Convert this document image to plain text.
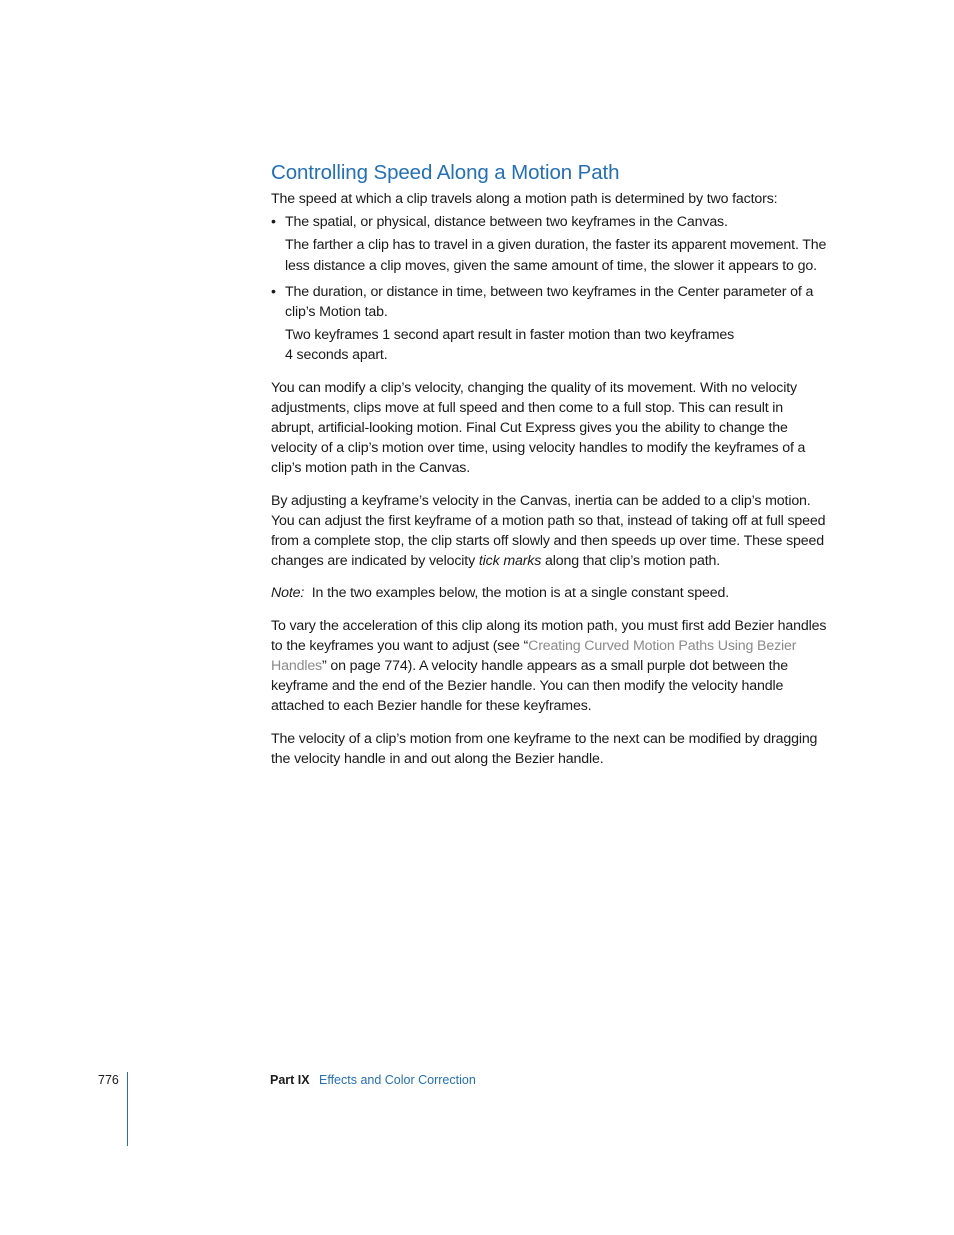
Controlling Speed Along a Motion Path

The speed at which a clip travels along a motion path is determined by two factors:

• The spatial, or physical, distance between two keyframes in the Canvas.

The farther a clip has to travel in a given duration, the faster its apparent movement. The less distance a clip moves, given the same amount of time, the slower it appears to go.

• The duration, or distance in time, between two keyframes in the Center parameter of a clip’s Motion tab.

Two keyframes 1 second apart result in faster motion than two keyframes
4 seconds apart.

You can modify a clip’s velocity, changing the quality of its movement. With no velocity adjustments, clips move at full speed and then come to a full stop. This can result in abrupt, artificial-looking motion. Final Cut Express gives you the ability to change the velocity of a clip’s motion over time, using velocity handles to modify the keyframes of a clip’s motion path in the Canvas.

By adjusting a keyframe’s velocity in the Canvas, inertia can be added to a clip’s motion. You can adjust the first keyframe of a motion path so that, instead of taking off at full speed from a complete stop, the clip starts off slowly and then speeds up over time. These speed changes are indicated by velocity tick marks along that clip’s motion path.

Note:  In the two examples below, the motion is at a single constant speed.

To vary the acceleration of this clip along its motion path, you must first add Bezier handles to the keyframes you want to adjust (see “Creating Curved Motion Paths Using Bezier Handles” on page 774). A velocity handle appears as a small purple dot between the keyframe and the end of the Bezier handle. You can then modify the velocity handle attached to each Bezier handle for these keyframes.

The velocity of a clip’s motion from one keyframe to the next can be modified by dragging the velocity handle in and out along the Bezier handle.

776	Part IX Effects and Color Correction
